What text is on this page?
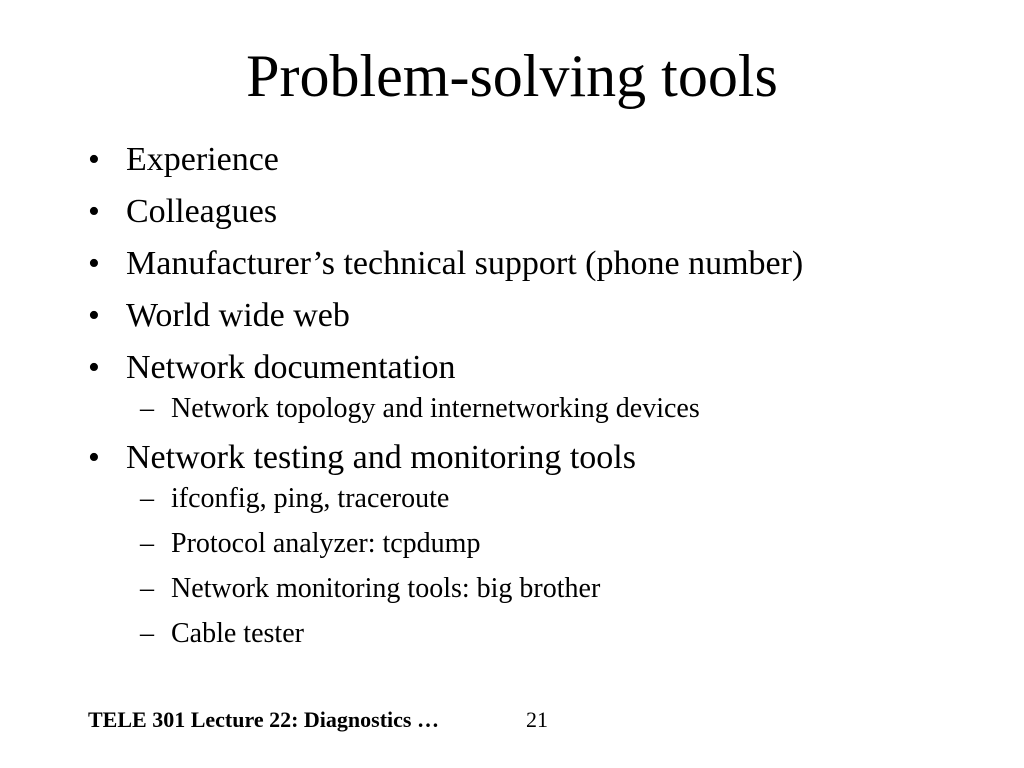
Problem-solving tools
• Experience
• Colleagues
• Manufacturer’s technical support (phone number)
• World wide web
• Network documentation
– Network topology and internetworking devices
• Network testing and monitoring tools
– ifconfig, ping, traceroute
– Protocol analyzer: tcpdump
– Network monitoring tools: big brother
– Cable tester
TELE 301 Lecture 22: Diagnostics …	21
